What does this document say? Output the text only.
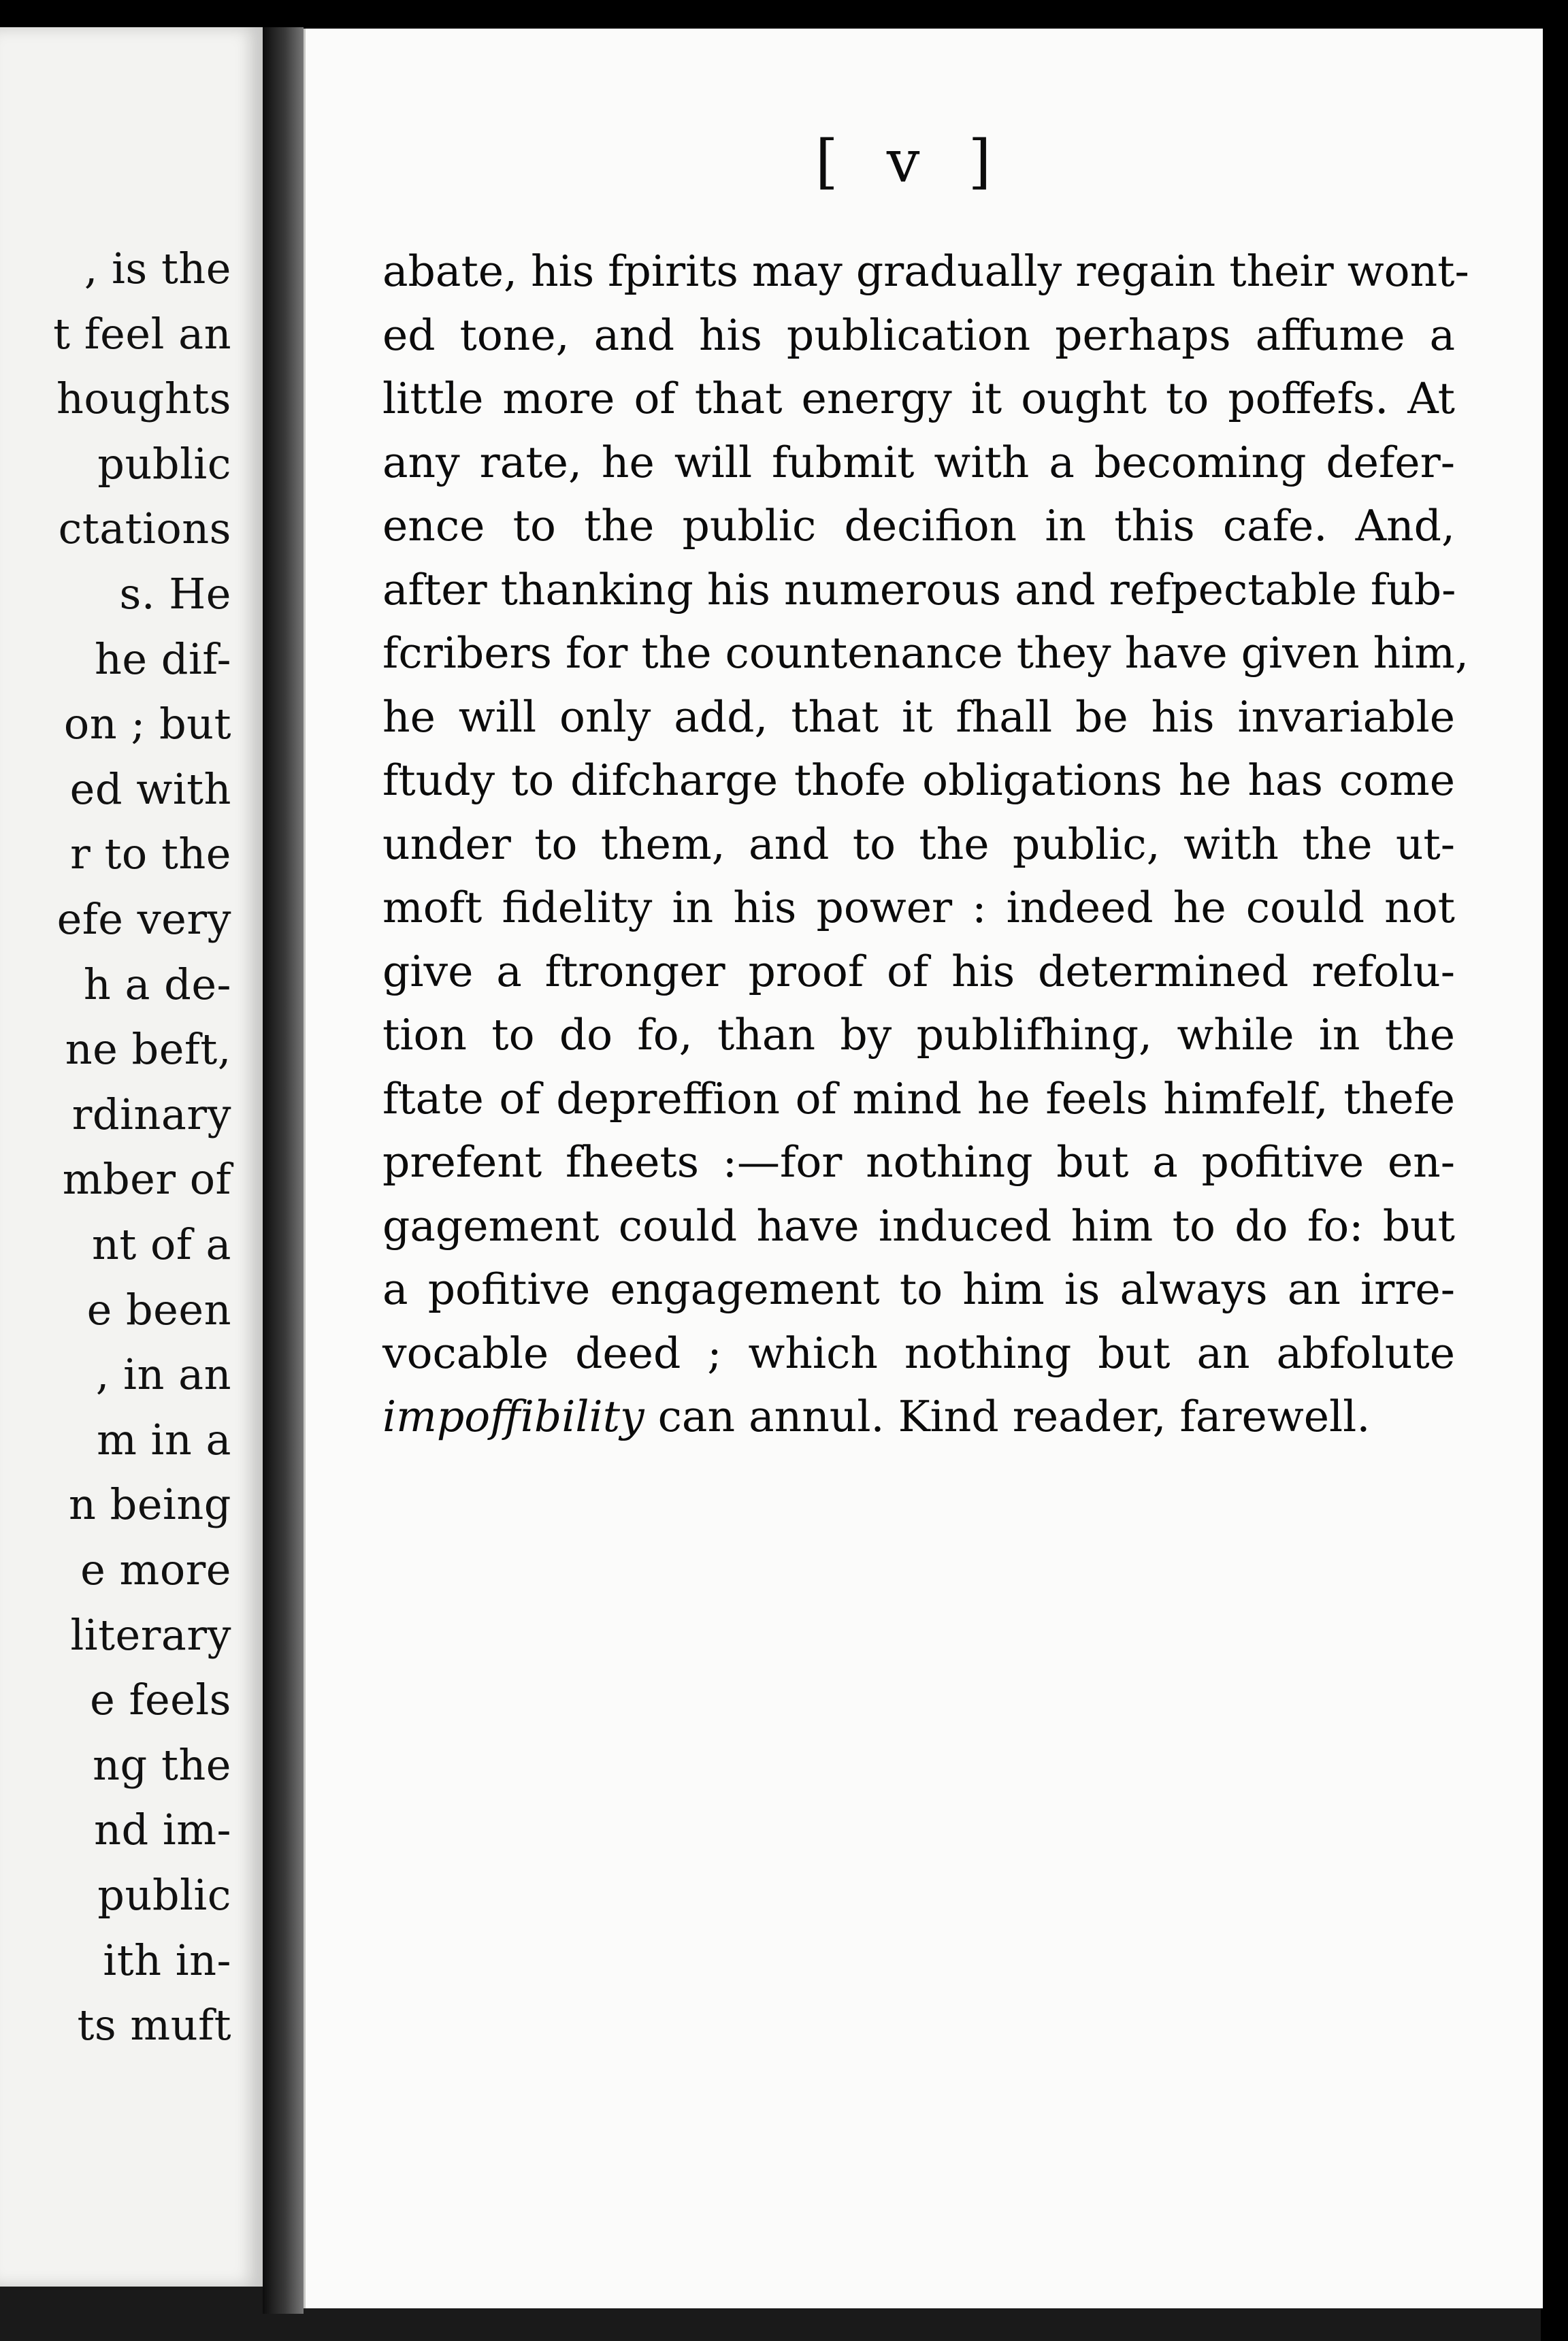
, is the
t feel an
houghts
public
ctations
s. He
he dif-
on ; but
ed with
r to the
efe very
h a de-
ne beft,
rdinary
mber of
nt of a
e been
, in an
m in a
n being
e more
literary
e feels
ng the
nd im-
public
ith in-
ts muft
[ v ]
abate, his fpirits may gradually regain their wont-
ed tone, and his publication perhaps affume a
little more of that energy it ought to poffefs. At
any rate, he will fubmit with a becoming defer-
ence to the public decifion in this cafe. And,
after thanking his numerous and refpectable fub-
fcribers for the countenance they have given him,
he will only add, that it fhall be his invariable
ftudy to difcharge thofe obligations he has come
under to them, and to the public, with the ut-
moft fidelity in his power : indeed he could not
give a ftronger proof of his determined refolu-
tion to do fo, than by publifhing, while in the
ftate of depreffion of mind he feels himfelf, thefe
prefent fheets :—for nothing but a pofitive en-
gagement could have induced him to do fo: but
a pofitive engagement to him is always an irre-
vocable deed ; which nothing but an abfolute
impoffibility can annul. Kind reader, farewell.
